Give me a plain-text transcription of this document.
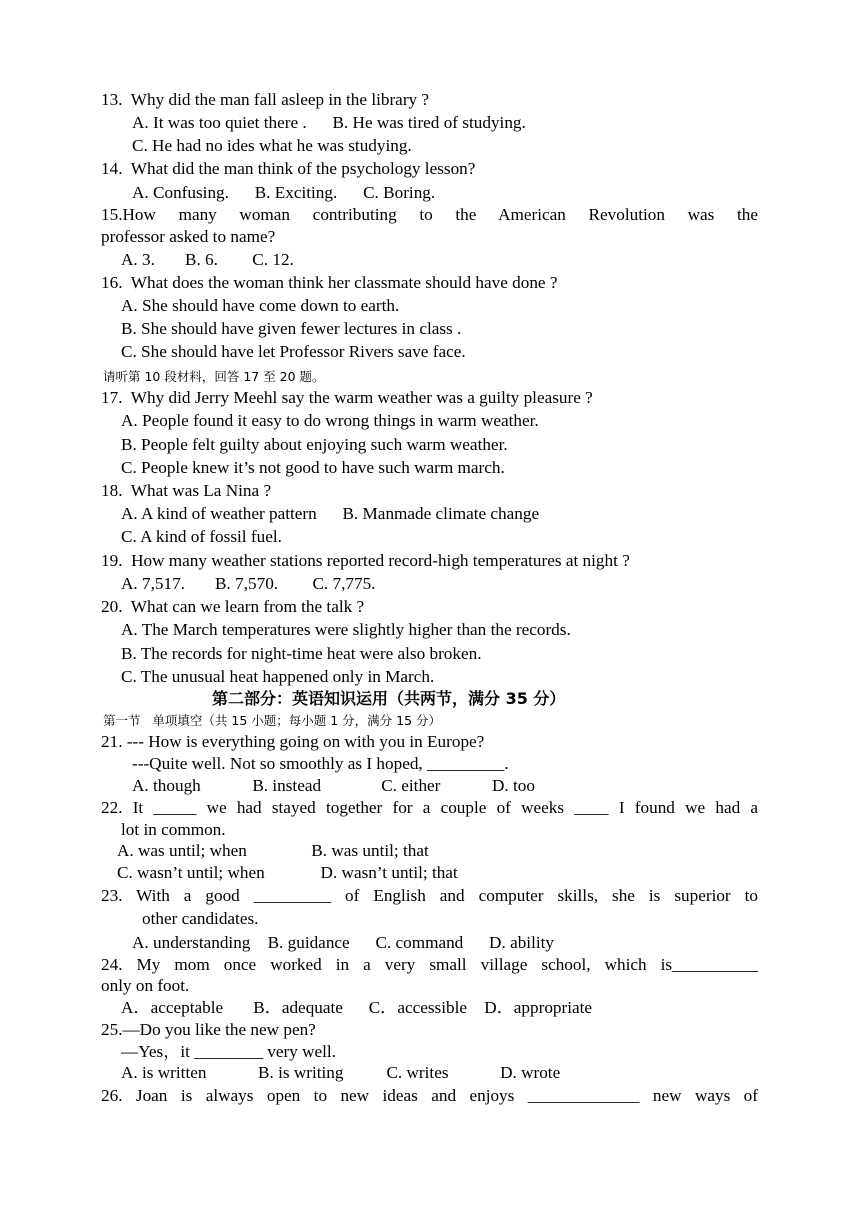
13.  Why did the man fall asleep in the library ?
A. It was too quiet there .      B. He was tired of studying.
C. He had no ides what he was studying.
14.  What did the man think of the psychology lesson?
A. Confusing.      B. Exciting.      C. Boring.
15.How many woman contributing to the American Revolution was the
professor asked to name?
A. 3.       B. 6.        C. 12.
16.  What does the woman think her classmate should have done ?
A. She should have come down to earth.
B. She should have given fewer lectures in class .
C. She should have let Professor Rivers save face.
请听第 10 段材料，回答 17 至 20 题。
17.  Why did Jerry Meehl say the warm weather was a guilty pleasure ?
A. People found it easy to do wrong things in warm weather.
B. People felt guilty about enjoying such warm weather.
C. People knew it’s not good to have such warm march.
18.  What was La Nina ?
A. A kind of weather pattern      B. Manmade climate change
C. A kind of fossil fuel.
19.  How many weather stations reported record-high temperatures at night ?
A. 7,517.       B. 7,570.        C. 7,775.
20.  What can we learn from the talk ?
A. The March temperatures were slightly higher than the records.
B. The records for night-time heat were also broken.
C. The unusual heat happened only in March.
第二部分：英语知识运用（共两节，满分 35 分）
第一节   单项填空（共 15 小题；每小题 1 分，满分 15 分）
21. --- How is everything going on with you in Europe?
---Quite well. Not so smoothly as I hoped, _________.
A. though            B. instead              C. either            D. too
22. It _____ we had stayed together for a couple of weeks ____ I found we had a
lot in common.
A. was until; when               B. was until; that
C. wasn’t until; when             D. wasn’t until; that
23. With a good _________ of English and computer skills, she is superior to
other candidates.
A. understanding    B. guidance      C. command      D. ability
24. My mom once worked in a very small village school, which is__________
only on foot.
A．acceptable       B．adequate      C．accessible    D．appropriate
25.—Do you like the new pen?
—Yes，it ________ very well.
A. is written            B. is writing          C. writes            D. wrote
26. Joan is always open to new ideas and enjoys _____________ new ways of
